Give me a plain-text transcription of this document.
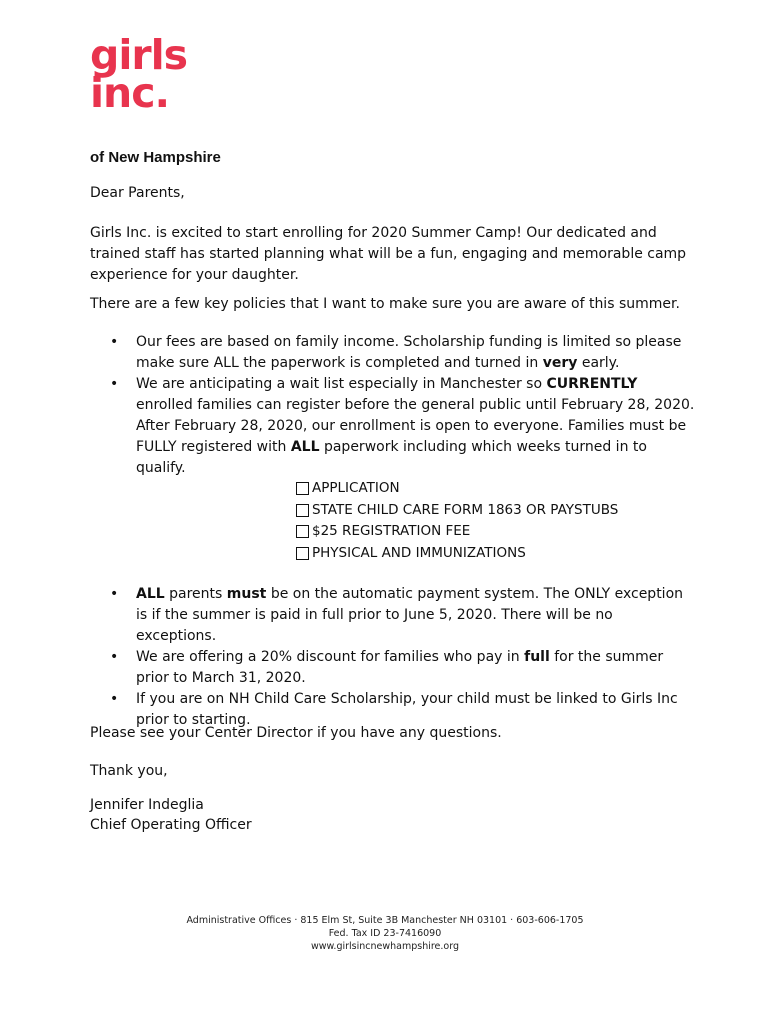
girls
inc.
of New Hampshire

Dear Parents,

Girls Inc. is excited to start enrolling for 2020 Summer Camp! Our dedicated and trained staff has started planning what will be a fun, engaging and memorable camp experience for your daughter.

There are a few key policies that I want to make sure you are aware of this summer.

• Our fees are based on family income. Scholarship funding is limited so please make sure ALL the paperwork is completed and turned in very early.
• We are anticipating a wait list especially in Manchester so CURRENTLY enrolled families can register before the general public until February 28, 2020. After February 28, 2020, our enrollment is open to everyone. Families must be FULLY registered with ALL paperwork including which weeks turned in to qualify.
APPLICATION
STATE CHILD CARE FORM 1863 OR PAYSTUBS
$25 REGISTRATION FEE
PHYSICAL AND IMMUNIZATIONS
• ALL parents must be on the automatic payment system. The ONLY exception is if the summer is paid in full prior to June 5, 2020. There will be no exceptions.
• We are offering a 20% discount for families who pay in full for the summer prior to March 31, 2020.
• If you are on NH Child Care Scholarship, your child must be linked to Girls Inc prior to starting.

Please see your Center Director if you have any questions.

Thank you,

Jennifer Indeglia

Chief Operating Officer

Administrative Offices · 815 Elm St, Suite 3B Manchester NH 03101 · 603-606-1705
Fed. Tax ID 23-7416090
www.girlsincnewhampshire.org
